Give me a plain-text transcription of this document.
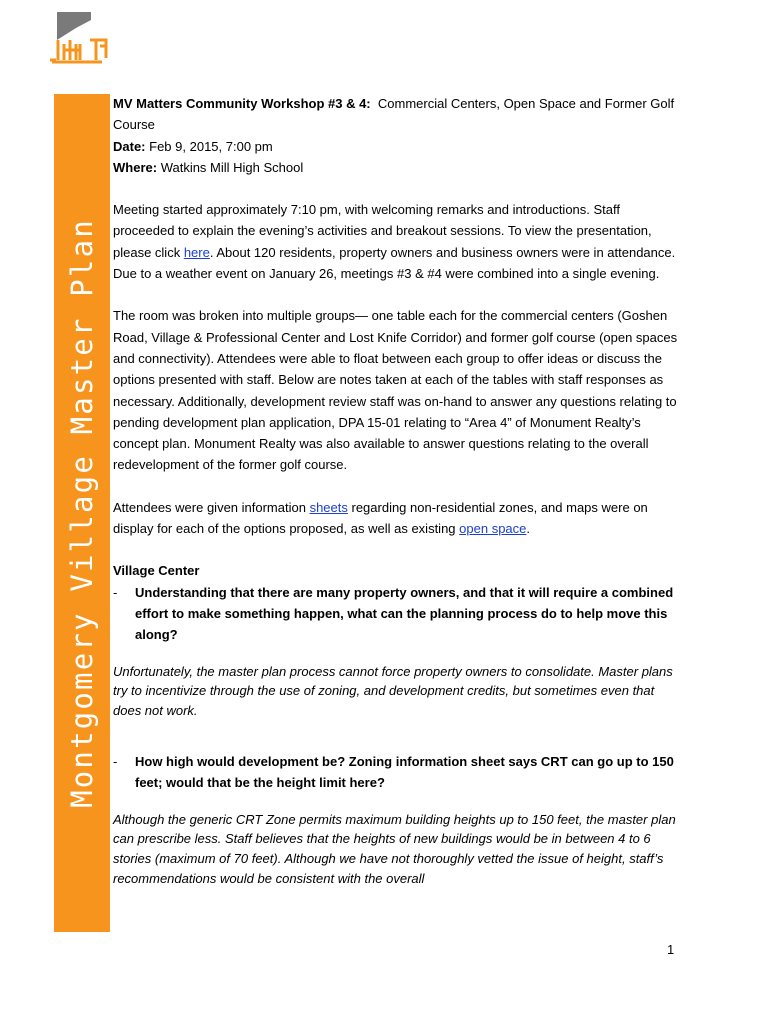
Montgomery Village Master Plan

MV Matters Community Workshop #3 & 4: Commercial Centers, Open Space and Former Golf Course

Date: Feb 9, 2015, 7:00 pm

Where: Watkins Mill High School

Meeting started approximately 7:10 pm, with welcoming remarks and introductions. Staff proceeded to explain the evening’s activities and breakout sessions. To view the presentation, please click here. About 120 residents, property owners and business owners were in attendance. Due to a weather event on January 26, meetings #3 & #4 were combined into a single evening.

The room was broken into multiple groups— one table each for the commercial centers (Goshen Road, Village & Professional Center and Lost Knife Corridor) and former golf course (open spaces and connectivity). Attendees were able to float between each group to offer ideas or discuss the options presented with staff. Below are notes taken at each of the tables with staff responses as necessary. Additionally, development review staff was on-hand to answer any questions relating to pending development plan application, DPA 15-01 relating to “Area 4” of Monument Realty’s concept plan. Monument Realty was also available to answer questions relating to the overall redevelopment of the former golf course.

Attendees were given information sheets regarding non-residential zones, and maps were on display for each of the options proposed, as well as existing open space.

Village Center

-	Understanding that there are many property owners, and that it will require a combined effort to make something happen, what can the planning process do to help move this along?

Unfortunately, the master plan process cannot force property owners to consolidate. Master plans try to incentivize through the use of zoning, and development credits, but sometimes even that does not work.

-	How high would development be? Zoning information sheet says CRT can go up to 150 feet; would that be the height limit here?

Although the generic CRT Zone permits maximum building heights up to 150 feet, the master plan can prescribe less. Staff believes that the heights of new buildings would be in between 4 to 6 stories (maximum of 70 feet). Although we have not thoroughly vetted the issue of height, staff’s recommendations would be consistent with the overall

1
